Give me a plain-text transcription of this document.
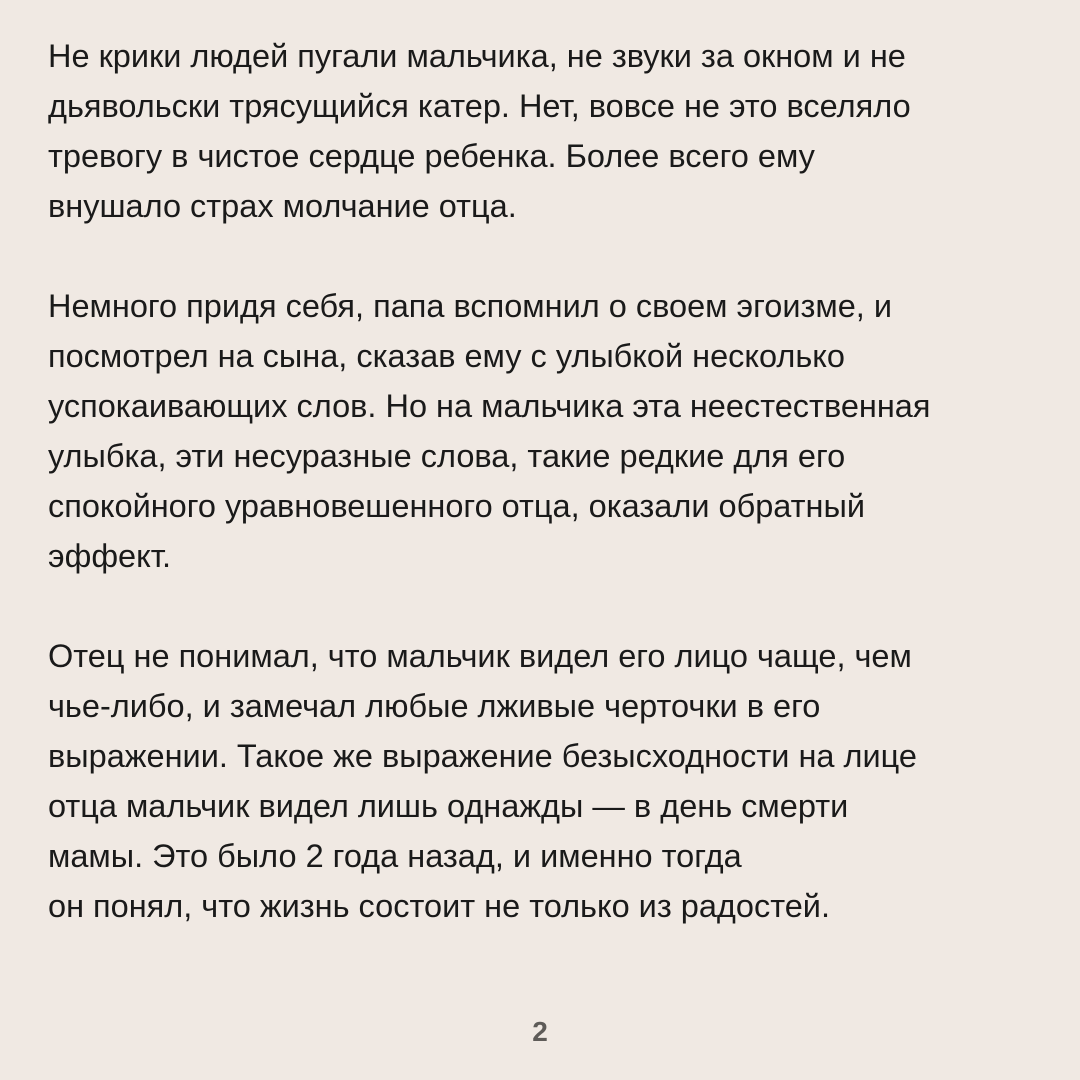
Не крики людей пугали мальчика, не звуки за окном и не
дьявольски трясущийся катер. Нет, вовсе не это вселяло
тревогу в чистое сердце ребенка. Более всего ему
внушало страх молчание отца.

Немного придя себя, папа вспомнил о своем эгоизме, и
посмотрел на сына, сказав ему с улыбкой несколько
успокаивающих слов. Но на мальчика эта неестественная
улыбка, эти несуразные слова, такие редкие для его
спокойного уравновешенного отца, оказали обратный
эффект.

Отец не понимал, что мальчик видел его лицо чаще, чем
чье-либо, и замечал любые лживые черточки в его
выражении. Такое же выражение безысходности на лице
отца мальчик видел лишь однажды — в день смерти
мамы. Это было 2 года назад, и именно тогда
он понял, что жизнь состоит не только из радостей.

2
